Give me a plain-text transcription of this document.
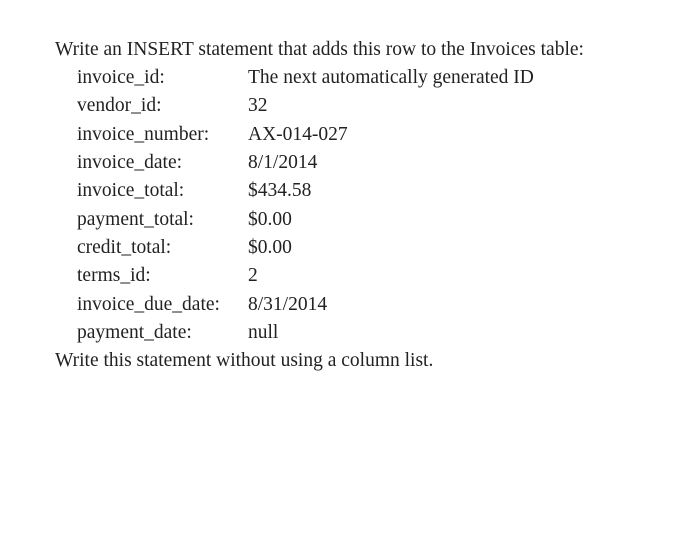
Write an INSERT statement that adds this row to the Invoices table:
invoice_id:	The next automatically generated ID
vendor_id:	32
invoice_number:	AX-014-027
invoice_date:	8/1/2014
invoice_total:	$434.58
payment_total:	$0.00
credit_total:	$0.00
terms_id:	2
invoice_due_date:	8/31/2014
payment_date:	null
Write this statement without using a column list.
